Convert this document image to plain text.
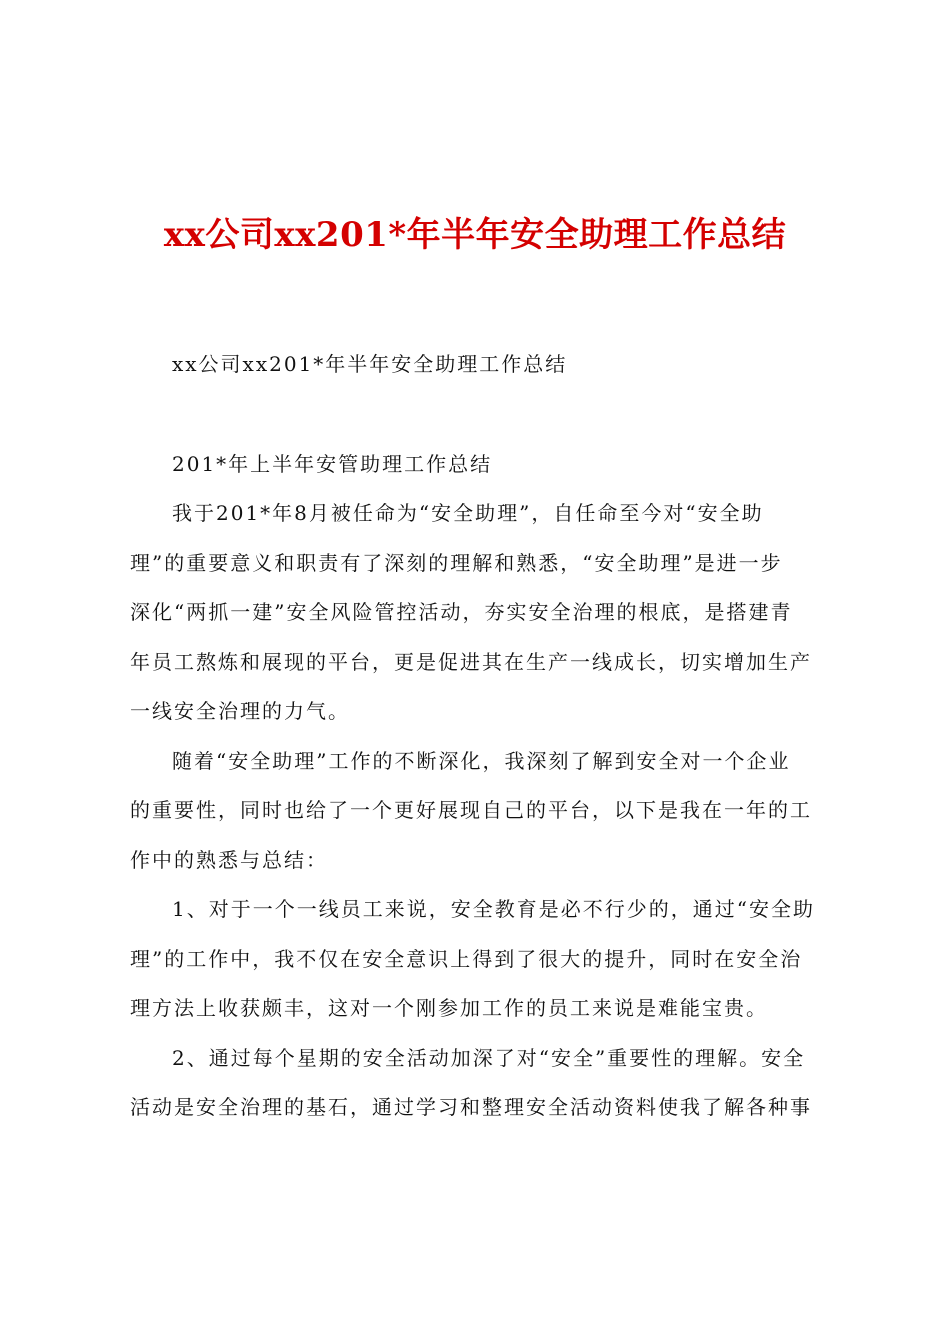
xx公司xx201*年半年安全助理工作总结
xx公司xx201*年半年安全助理工作总结
201*年上半年安管助理工作总结
我于201*年8月被任命为“安全助理”，自任命至今对“安全助
理”的重要意义和职责有了深刻的理解和熟悉，“安全助理”是进一步
深化“两抓一建”安全风险管控活动，夯实安全治理的根底，是搭建青
年员工熬炼和展现的平台，更是促进其在生产一线成长，切实增加生产
一线安全治理的力气。
随着“安全助理”工作的不断深化，我深刻了解到安全对一个企业
的重要性，同时也给了一个更好展现自己的平台，以下是我在一年的工
作中的熟悉与总结：
1、对于一个一线员工来说，安全教育是必不行少的，通过“安全助
理”的工作中，我不仅在安全意识上得到了很大的提升，同时在安全治
理方法上收获颇丰，这对一个刚参加工作的员工来说是难能宝贵。
2、通过每个星期的安全活动加深了对“安全”重要性的理解。安全
活动是安全治理的基石，通过学习和整理安全活动资料使我了解各种事
